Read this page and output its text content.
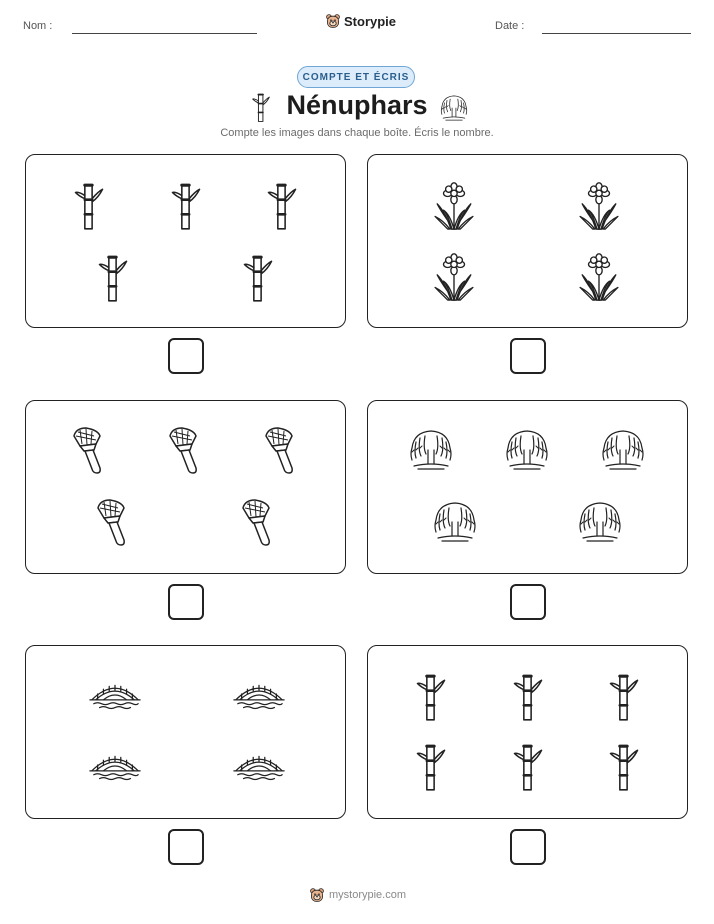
Nom :	Storypie	Date :
COMPTE ET ÉCRIS
Nénuphars
Compte les images dans chaque boîte. Écris le nombre.
mystorypie.com
